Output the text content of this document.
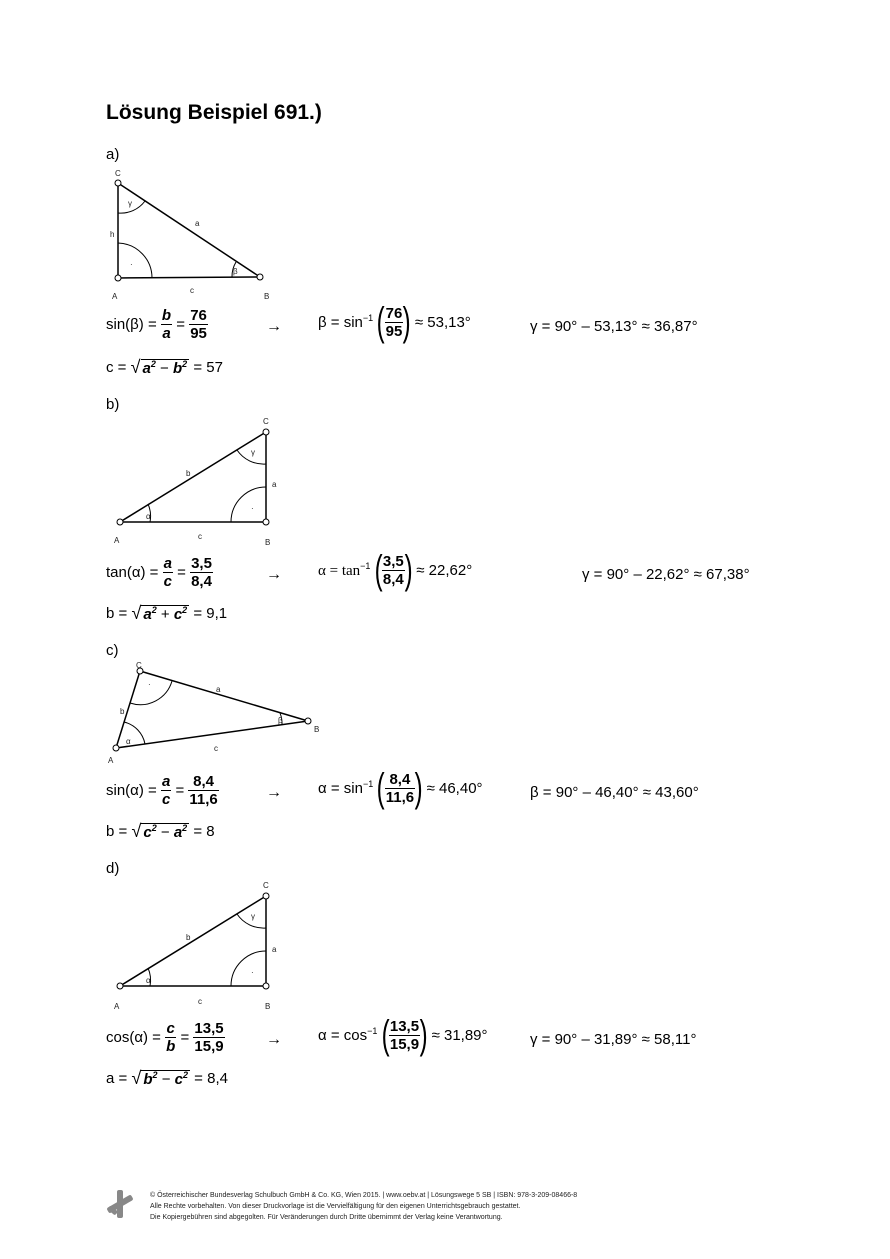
Lösung Beispiel 691.)
a)
C
A	B
h
a
c
γ
β
·
$\sin(\beta) = \frac{b}{a} = \frac{76}{95}$	→ $\beta = \sin^{-1}$ ( $\frac{76}{95}$ ) ≈ 53,13°	γ = 90° – 53,13° ≈ 36,87°
c = √ $a^2 - b^2 = 57$
b)
C
A	B
b
a
c
γ
α
·
$\tan(\alpha) = \frac{a}{c} = \frac{3,5}{8,4}$	→ $\alpha = \tan^{-1}$ ( $\frac{3,5}{8,4}$ ) ≈ 22,62°	γ = 90° – 22,62° ≈ 67,38°
b = √ $a^2 + c^2 = 9,1$
c)
C
A
B
a
b
c
α
β
·
$\sin(\alpha) = \frac{a}{c} = \frac{8,4}{11,6}$	→ $\alpha = \sin^{-1}$ ( $\frac{8,4}{11,6}$ ) ≈ 46,40°	β = 90° – 46,40° ≈ 43,60°
b = √ $c^2 - a^2 = 8$
d)
C
A	B
b
a
c
γ
α
·
$\cos(\alpha) = \frac{c}{b} = \frac{13,5}{15,9}$	→ $\alpha = \cos^{-1}$ ( $\frac{13,5}{15,9}$ ) ≈ 31,89°	γ = 90° – 31,89° ≈ 58,11°
a = √ $b^2 - c^2 = 8,4$
© Österreichischer Bundesverlag Schulbuch GmbH & Co. KG, Wien 2015. | www.oebv.at | Lösungswege 5 SB | ISBN: 978-3-209-08466-8
Alle Rechte vorbehalten. Von dieser Druckvorlage ist die Vervielfältigung für den eigenen Unterrichtsgebrauch gestattet.
Die Kopiergebühren sind abgegolten. Für Veränderungen durch Dritte übernimmt der Verlag keine Verantwortung.
